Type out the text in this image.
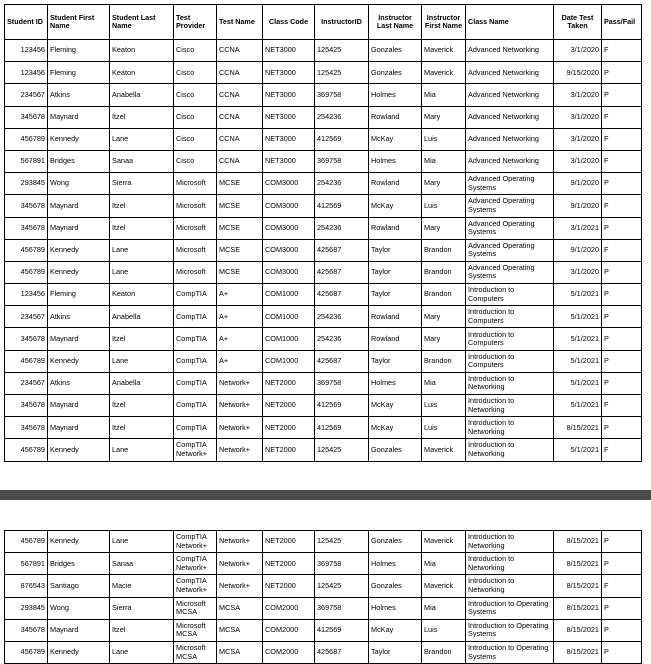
Student ID	Student First Name	Student Last Name	Test Provider	Test Name	Class Code	InstructorID	Instructor Last Name	Instructor First Name	Class Name	Date Test Taken	Pass/Fail
123456	Fleming	Keaton	Cisco	CCNA	NET3000	125425	Gonzales	Maverick	Advanced Networking	3/1/2020	F
123456	Fleming	Keaton	Cisco	CCNA	NET3000	125425	Gonzales	Maverick	Advanced Networking	9/15/2020	P
234567	Atkins	Anabella	Cisco	CCNA	NET3000	369758	Holmes	Mia	Advanced Networking	3/1/2020	P
345678	Maynard	Itzel	Cisco	CCNA	NET3000	254236	Rowland	Mary	Advanced Networking	3/1/2020	F
456789	Kennedy	Lane	Cisco	CCNA	NET3000	412569	McKay	Luis	Advanced Networking	3/1/2020	F
567891	Bridges	Sanaa	Cisco	CCNA	NET3000	369758	Holmes	Mia	Advanced Networking	3/1/2020	F
293845	Wong	Sierra	Microsoft	MCSE	COM3000	254236	Rowland	Mary	Advanced Operating Systems	9/1/2020	P
345678	Maynard	Itzel	Microsoft	MCSE	COM3000	412569	McKay	Luis	Advanced Operating Systems	9/1/2020	F
345678	Maynard	Itzel	Microsoft	MCSE	COM3000	254236	Rowland	Mary	Advanced Operating Systems	3/1/2021	P
456789	Kennedy	Lane	Microsoft	MCSE	COM3000	425687	Taylor	Brandon	Advanced Operating Systems	9/1/2020	F
456789	Kennedy	Lane	Microsoft	MCSE	COM3000	425687	Taylor	Brandon	Advanced Operating Systems	3/1/2020	P
123456	Fleming	Keaton	CompTIA	A+	COM1000	425687	Taylor	Brandon	Introduction to Computers	5/1/2021	P
234567	Atkins	Anabella	CompTIA	A+	COM1000	254236	Rowland	Mary	Introduction to Computers	5/1/2021	P
345678	Maynard	Itzel	CompTIA	A+	COM1000	254236	Rowland	Mary	Introduction to Computers	5/1/2021	P
456789	Kennedy	Lane	CompTIA	A+	COM1000	425687	Taylor	Brandon	Introduction to Computers	5/1/2021	P
234567	Atkins	Anabella	CompTIA	Network+	NET2000	369758	Holmes	Mia	Introduction to Networking	5/1/2021	P
345678	Maynard	Itzel	CompTIA	Network+	NET2000	412569	McKay	Luis	Introduction to Networking	5/1/2021	F
345678	Maynard	Itzel	CompTIA	Network+	NET2000	412569	McKay	Luis	Introduction to Networking	8/15/2021	P
456789	Kennedy	Lane	CompTIA Network+	Network+	NET2000	125425	Gonzales	Maverick	Introduction to Networking	5/1/2021	F
456789	Kennedy	Lane	CompTIA Network+	Network+	NET2000	125425	Gonzales	Maverick	Introduction to Networking	8/15/2021	P
567891	Bridges	Sanaa	CompTIA Network+	Network+	NET2000	369758	Holmes	Mia	Introduction to Networking	8/15/2021	P
876543	Santiago	Macie	CompTIA Network+	Network+	NET2000	125425	Gonzales	Maverick	Introduction to Networking	8/15/2021	F
293845	Wong	Sierra	Microsoft MCSA	MCSA	COM2000	369758	Holmes	Mia	Introduction to Operating Systems	8/15/2021	P
345678	Maynard	Itzel	Microsoft MCSA	MCSA	COM2000	412569	McKay	Luis	Introduction to Operating Systems	8/15/2021	P
456789	Kennedy	Lane	Microsoft MCSA	MCSA	COM2000	425687	Taylor	Brandon	Introduction to Operating Systems	8/15/2021	P
